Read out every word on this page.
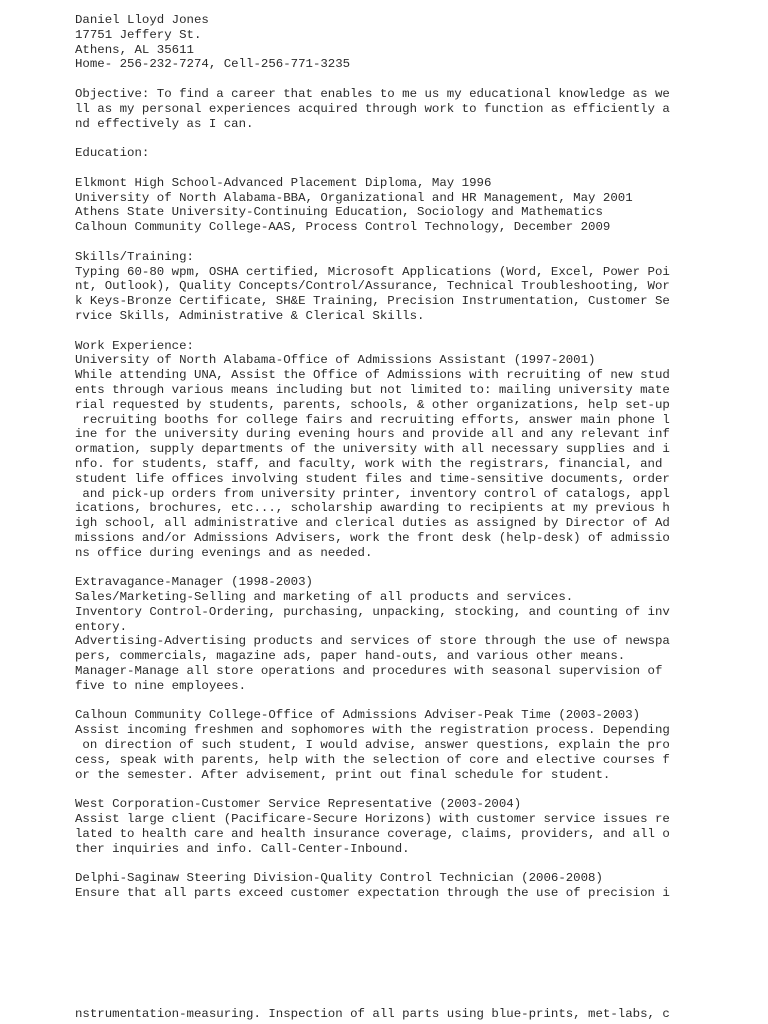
Daniel Lloyd Jones
17751 Jeffery St.
Athens, AL 35611
Home- 256-232-7274, Cell-256-771-3235

Objective: To find a career that enables to me us my educational knowledge as we
ll as my personal experiences acquired through work to function as efficiently a
nd effectively as I can.

Education:

Elkmont High School-Advanced Placement Diploma, May 1996
University of North Alabama-BBA, Organizational and HR Management, May 2001
Athens State University-Continuing Education, Sociology and Mathematics
Calhoun Community College-AAS, Process Control Technology, December 2009

Skills/Training:
Typing 60-80 wpm, OSHA certified, Microsoft Applications (Word, Excel, Power Poi
nt, Outlook), Quality Concepts/Control/Assurance, Technical Troubleshooting, Wor
k Keys-Bronze Certificate, SH&E Training, Precision Instrumentation, Customer Se
rvice Skills, Administrative & Clerical Skills.

Work Experience:
University of North Alabama-Office of Admissions Assistant (1997-2001)
While attending UNA, Assist the Office of Admissions with recruiting of new stud
ents through various means including but not limited to: mailing university mate
rial requested by students, parents, schools, & other organizations, help set-up
recruiting booths for college fairs and recruiting efforts, answer main phone l
ine for the university during evening hours and provide all and any relevant inf
ormation, supply departments of the university with all necessary supplies and i
nfo. for students, staff, and faculty, work with the registrars, financial, and
student life offices involving student files and time-sensitive documents, order
and pick-up orders from university printer, inventory control of catalogs, appl
ications, brochures, etc..., scholarship awarding to recipients at my previous h
igh school, all administrative and clerical duties as assigned by Director of Ad
missions and/or Admissions Advisers, work the front desk (help-desk) of admissio
ns office during evenings and as needed.

Extravagance-Manager (1998-2003)
Sales/Marketing-Selling and marketing of all products and services.
Inventory Control-Ordering, purchasing, unpacking, stocking, and counting of inv
entory.
Advertising-Advertising products and services of store through the use of newspa
pers, commercials, magazine ads, paper hand-outs, and various other means.
Manager-Manage all store operations and procedures with seasonal supervision of
five to nine employees.

Calhoun Community College-Office of Admissions Adviser-Peak Time (2003-2003)
Assist incoming freshmen and sophomores with the registration process. Depending
on direction of such student, I would advise, answer questions, explain the pro
cess, speak with parents, help with the selection of core and elective courses f
or the semester. After advisement, print out final schedule for student.

West Corporation-Customer Service Representative (2003-2004)
Assist large client (Pacificare-Secure Horizons) with customer service issues re
lated to health care and health insurance coverage, claims, providers, and all o
ther inquiries and info. Call-Center-Inbound.

Delphi-Saginaw Steering Division-Quality Control Technician (2006-2008)
Ensure that all parts exceed customer expectation through the use of precision i

nstrumentation-measuring. Inspection of all parts using blue-prints, met-labs, c
